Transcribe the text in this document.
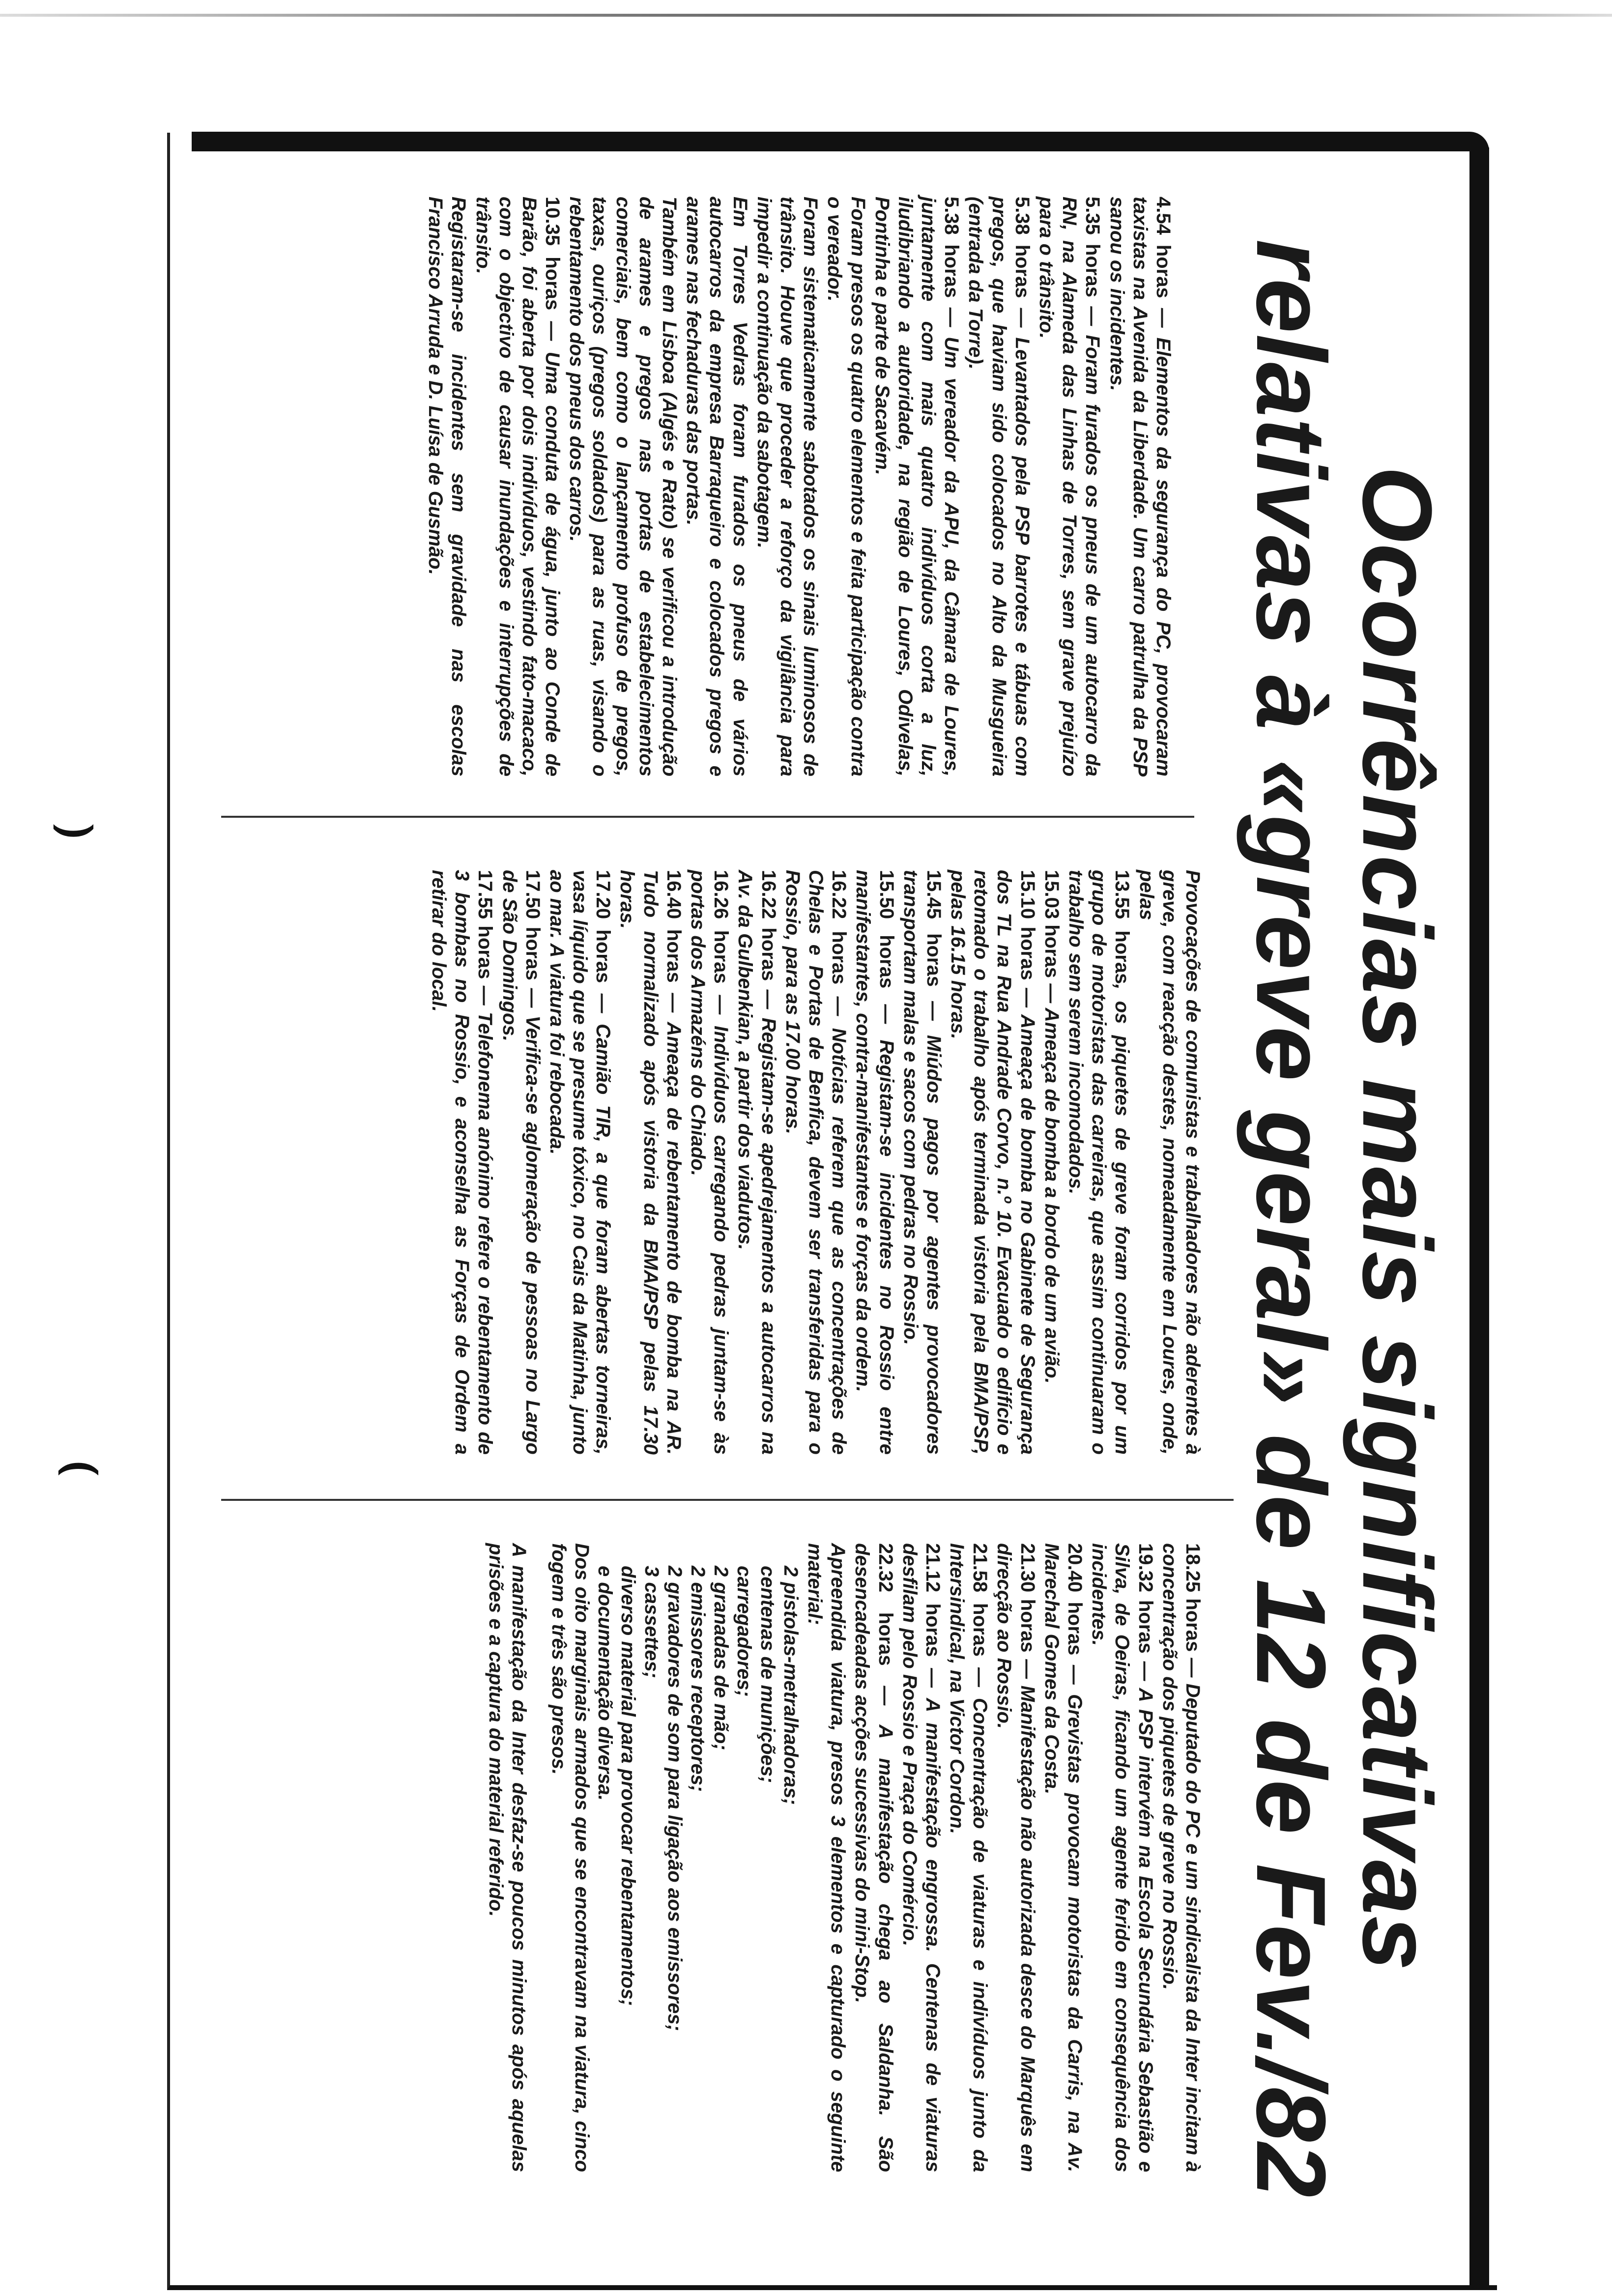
⌣
⌢	Ocorrências mais significativas
relativas à «greve geral» de 12 de Fev./82

4.54 horas — Elementos da segurança do PC, provocaram taxistas na Avenida da Liberdade. Um carro patrulha da PSP sanou os incidentes.

5.35 horas — Foram furados os pneus de um autocarro da RN, na Alameda das Linhas de Torres, sem grave prejuízo para o trânsito.

5.38 horas — Levantados pela PSP barrotes e tábuas com pregos, que haviam sido colocados no Alto da Musgueira (entrada da Torre).

5.38 horas — Um vereador da APU, da Câmara de Loures, juntamente com mais quatro indivíduos corta a luz, iludibriando a autoridade, na região de Loures, Odivelas, Pontinha e parte de Sacavém.

Foram presos os quatro elementos e feita participação contra o vereador.

Foram sistematicamente sabotados os sinais luminosos de trânsito. Houve que proceder a reforço da vigilância para impedir a continuação da sabotagem.

Em Torres Vedras foram furados os pneus de vários autocarros da empresa Barraqueiro e colocados pregos e arames nas fechaduras das portas.

Também em Lisboa (Algés e Rato) se verificou a introdução de arames e pregos nas portas de estabelecimentos comerciais, bem como o lançamento profuso de pregos, taxas, ouriços (pregos soldados) para as ruas, visando o rebentamento dos pneus dos carros.

10.35 horas — Uma conduta de água, junto ao Conde de Barão, foi aberta por dois indivíduos, vestindo fato-macaco, com o objectivo de causar inundações e interrupções de trânsito.

Registaram-se incidentes sem gravidade nas escolas Francisco Arruda e D. Luísa de Gusmão.

Provocações de comunistas e trabalhadores não aderentes à greve, com reacção destes, nomeadamente em Loures, onde, pelas

13.55 horas, os piquetes de greve foram corridos por um grupo de motoristas das carreiras, que assim continuaram o trabalho sem serem incomodados.

15.03 horas — Ameaça de bomba a bordo de um avião.

15.10 horas — Ameaça de bomba no Gabinete de Segurança dos TL na Rua Andrade Corvo, n.º 10. Evacuado o edifício e retomado o trabalho após terminada vistoria pela BMA/PSP, pelas 16.15 horas.

15.45 horas — Miúdos pagos por agentes provocadores transportam malas e sacos com pedras no Rossio.

15.50 horas — Registam-se incidentes no Rossio entre manifestantes, contra-manifestantes e forças da ordem.

16.22 horas — Notícias referem que as concentrações de Chelas e Portas de Benfica, devem ser transferidas para o Rossio, para as 17.00 horas.

16.22 horas — Registam-se apedrejamentos a autocarros na Av. da Gulbenkian, a partir dos viadutos.

16.26 horas — Indivíduos carregando pedras juntam-se às portas dos Armazéns do Chiado.

16.40 horas — Ameaça de rebentamento de bomba na AR. Tudo normalizado após vistoria da BMA/PSP pelas 17.30 horas.

17.20 horas — Camião TIR, a que foram abertas torneiras, vasa líquido que se presume tóxico, no Cais da Matinha, junto ao mar. A viatura foi rebocada.

17.50 horas — Verifica-se aglomeração de pessoas no Largo de São Domingos.

17.55 horas — Telefonema anónimo refere o rebentamento de 3 bombas no Rossio, e aconselha as Forças de Ordem a retirar do local.

18.25 horas — Deputado do PC e um sindicalista da Inter incitam à concentração dos piquetes de greve no Rossio.

19.32 horas — A PSP intervém na Escola Secundária Sebastião e Silva, de Oeiras, ficando um agente ferido em consequência dos incidentes.

20.40 horas — Grevistas provocam motoristas da Carris, na Av. Marechal Gomes da Costa.

21.30 horas — Manifestação não autorizada desce do Marquês em direcção ao Rossio.

21.58 horas — Concentração de viaturas e indivíduos junto da Intersindical, na Victor Cordon.

21.12 horas — A manifestação engrossa. Centenas de viaturas desfilam pelo Rossio e Praça do Comércio.

22.32 horas — A manifestação chega ao Saldanha. São desencadeadas acções sucessivas do mini-Stop.

Apreendida viatura, presos 3 elementos e capturado o seguinte material:

2 pistolas-metralhadoras;
centenas de munições;
carregadores;
2 granadas de mão;
2 emissores receptores;
2 gravadores de som para ligação aos emissores;
3 cassettes;
diverso material para provocar rebentamentos;
e documentação diversa.

Dos oito marginais armados que se encontravam na viatura, cinco fogem e três são presos.

A manifestação da Inter desfaz-se poucos minutos após aquelas prisões e a captura do material referido.
